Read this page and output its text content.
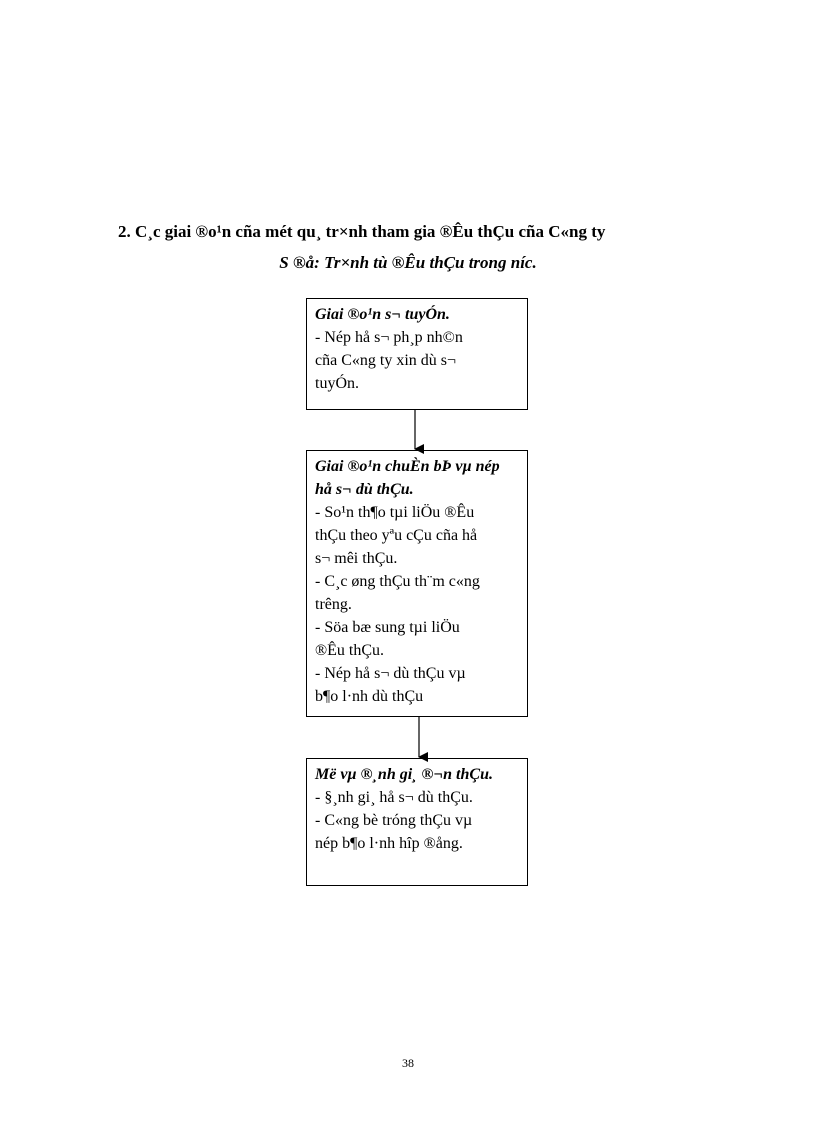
2. C¸c giai ®o¹n cña mét qu¸ tr×nh tham gia ®Êu thÇu cña C«ng ty
S ®å: Tr×nh tù ®Êu thÇu trong níc.
Giai ®o¹n s¬ tuyÓn.
- Nép hå s¬ ph¸p nh©n
cña C«ng ty xin dù s¬
tuyÓn.
Giai ®o¹n chuÈn bÞ vµ nép hå s¬ dù thÇu.
- So¹n th¶o tµi liÖu ®Êu
thÇu theo yªu cÇu cña hå
s¬ mêi thÇu.
- C¸c øng thÇu th¨m c«ng
trêng.
- Söa bæ sung tµi liÖu
®Êu thÇu.
- Nép hå s¬ dù thÇu vµ
b¶o l·nh dù thÇu
Më vµ ®¸nh gi¸ ®¬n thÇu.
- §¸nh gi¸ hå s¬ dù thÇu.
- C«ng bè tróng thÇu vµ
nép b¶o l·nh hîp ®ång.
38
